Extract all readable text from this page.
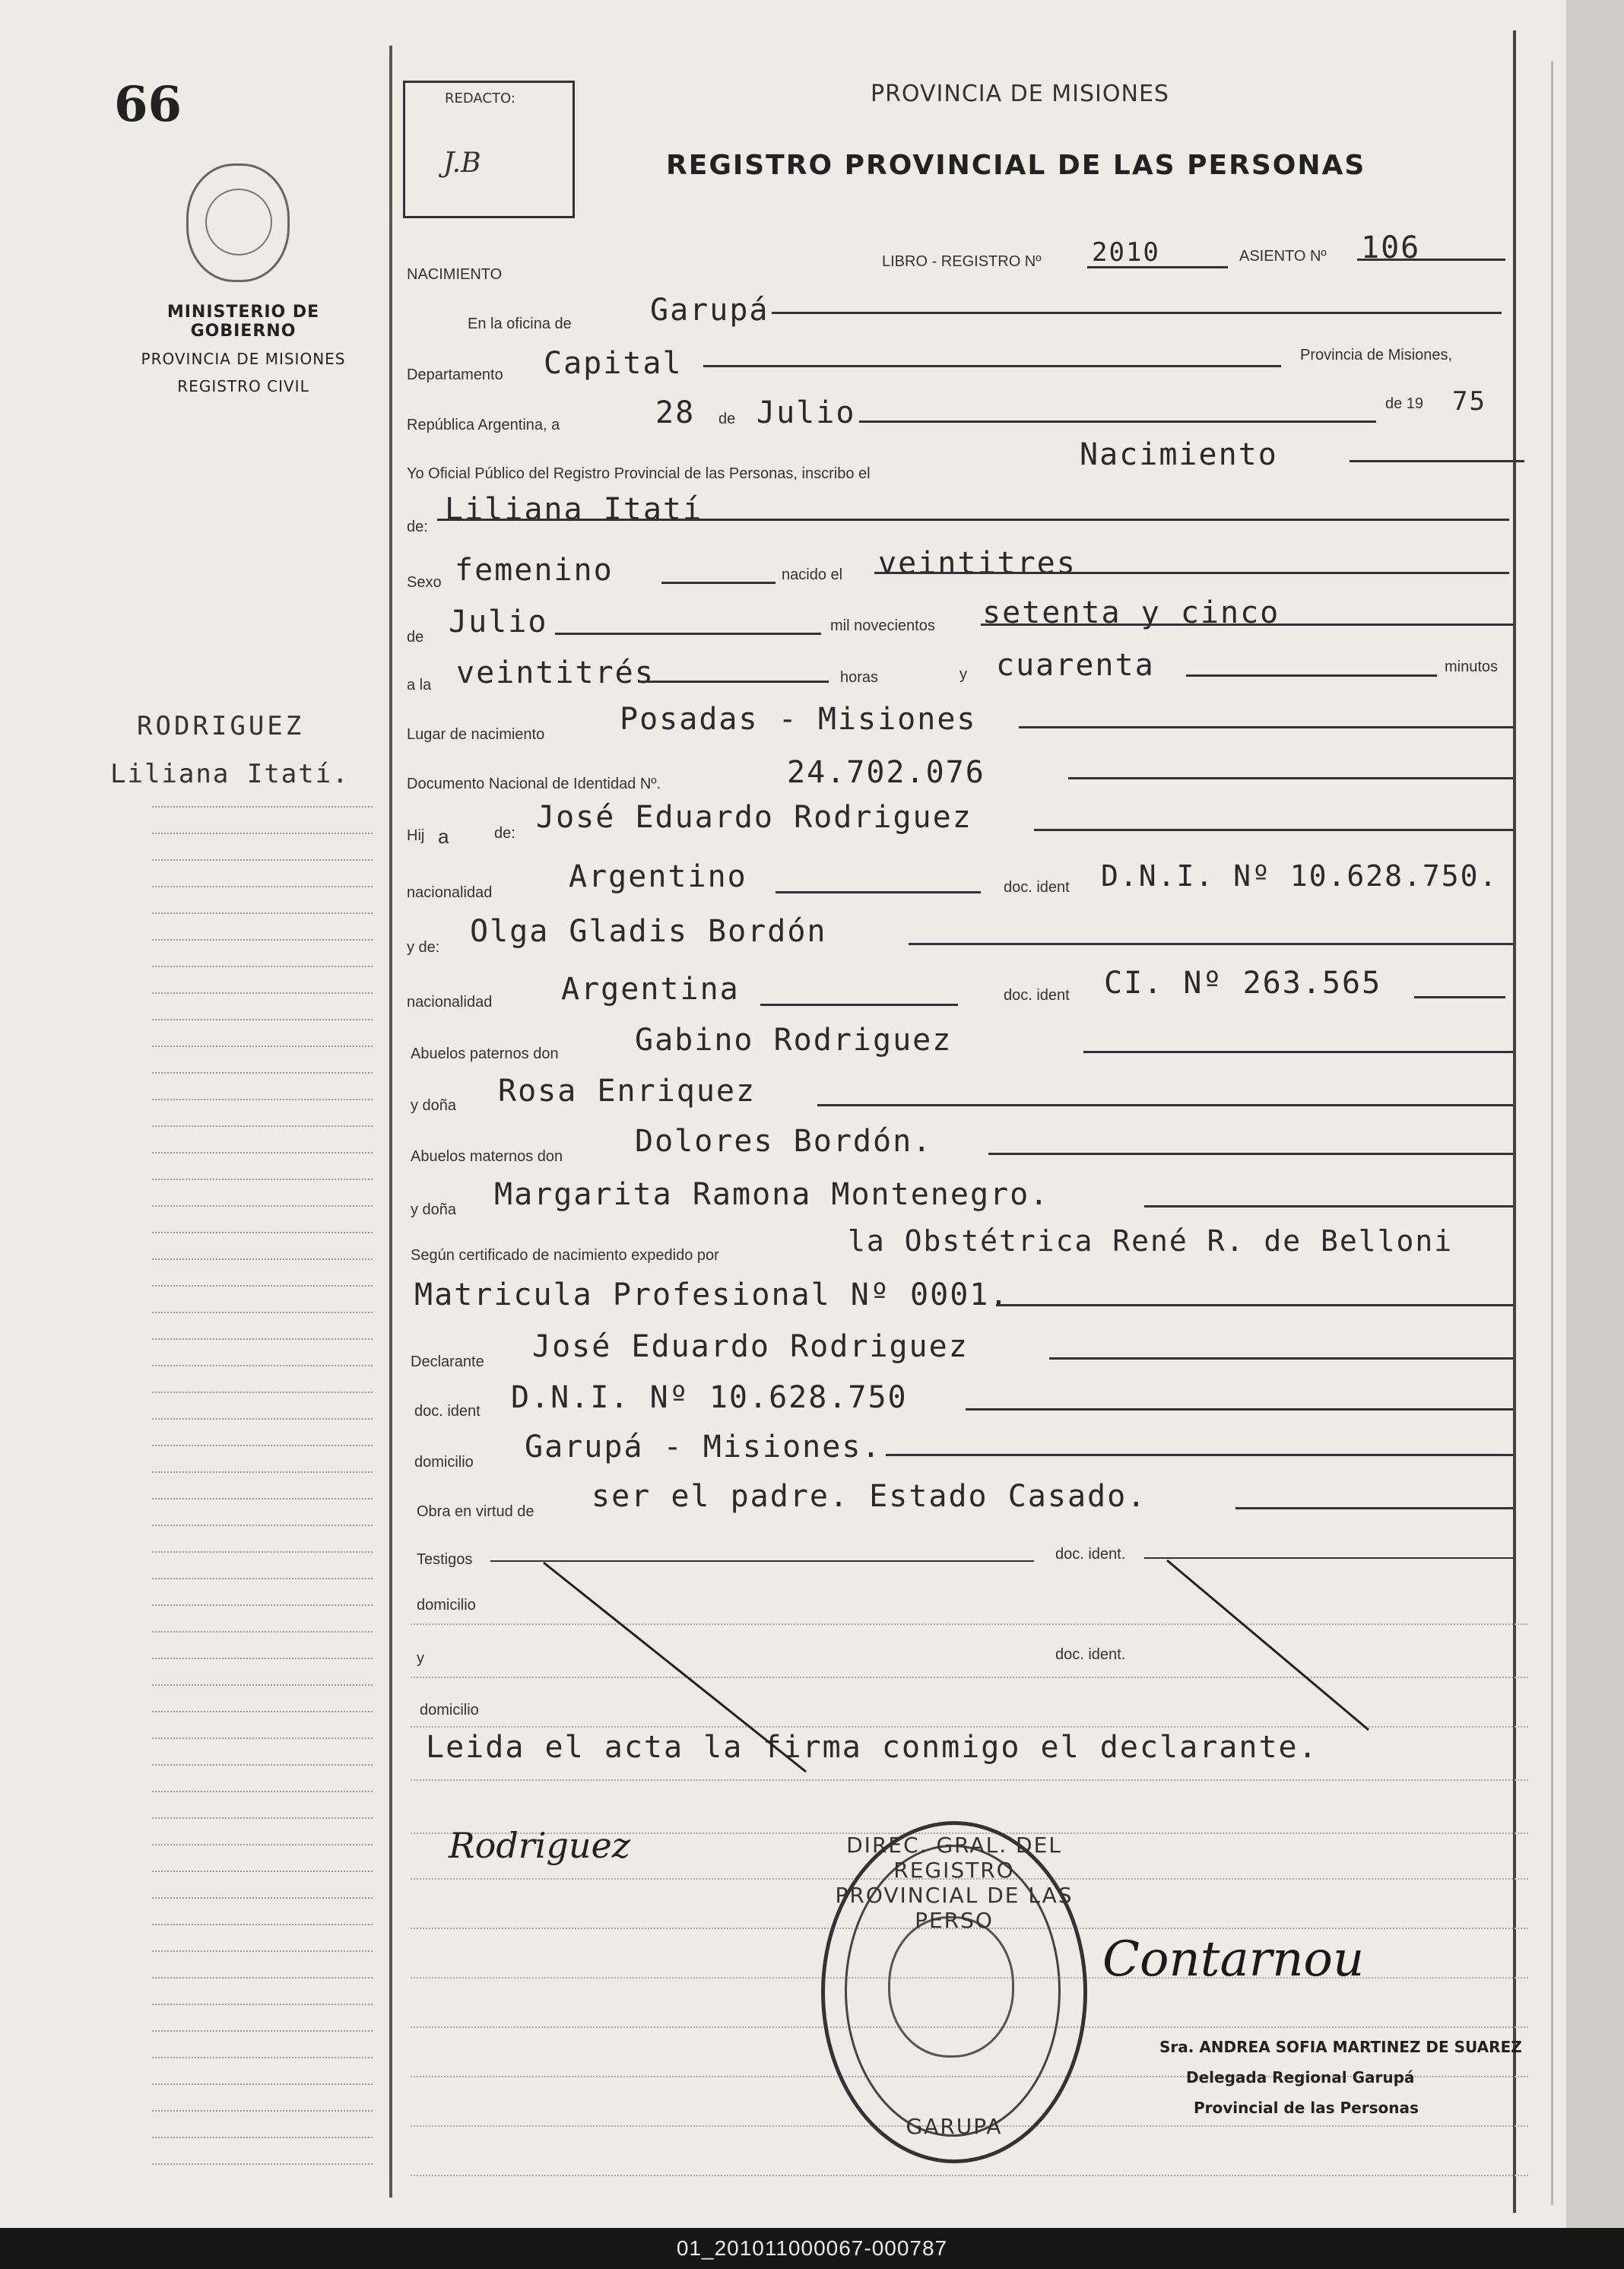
66
MINISTERIO DE GOBIERNO
PROVINCIA DE MISIONES
REGISTRO CIVIL
RODRIGUEZ
Liliana Itatí.
REDACTO:
J.B
PROVINCIA DE MISIONES
REGISTRO PROVINCIAL DE LAS PERSONAS
NACIMIENTO
LIBRO - REGISTRO Nº 2010	ASIENTO Nº 106
En la oficina de	Garupá
Departamento Capital	Provincia de Misiones,
República Argentina, a	28 de Julio	de 19 75
Yo Oficial Público del Registro Provincial de las Personas, inscribo el
Nacimiento
de: Liliana Itatí
Sexo femenino	nacido el veintitres
de Julio	mil novecientos setenta y cinco
a la veintitrés	horas	y cuarenta	minutos
Lugar de nacimiento Posadas - Misiones
Documento Nacional de Identidad Nº.	24.702.076
Hij a	de: José Eduardo Rodriguez
nacionalidad	Argentino	doc. ident D.N.I. Nº 10.628.750.
y de: Olga Gladis Bordón
nacionalidad Argentina	doc. ident CI. Nº 263.565
Abuelos paternos don	Gabino Rodriguez
y doña Rosa Enriquez
Abuelos maternos don Dolores Bordón.
y doña Margarita Ramona Montenegro.
Según certificado de nacimiento expedido por	la Obstétrica René R. de Belloni
Matricula Profesional Nº 0001.
Declarante José Eduardo Rodriguez
doc. ident D.N.I. Nº 10.628.750
domicilio Garupá - Misiones.
Obra en virtud de ser el padre. Estado Casado.
Testigos	doc. ident.
domicilio
y	doc. ident.
domicilio
Leida el acta la firma conmigo el declarante.
Rodriguez	DIREC. GRAL. DEL REGISTRO PROVINCIAL DE LAS PERSO
GARUPA
Contarnou
Sra. ANDREA SOFIA MARTINEZ DE SUAREZ
Delegada Regional Garupá
Provincial de las Personas
01_201011000067-000787
